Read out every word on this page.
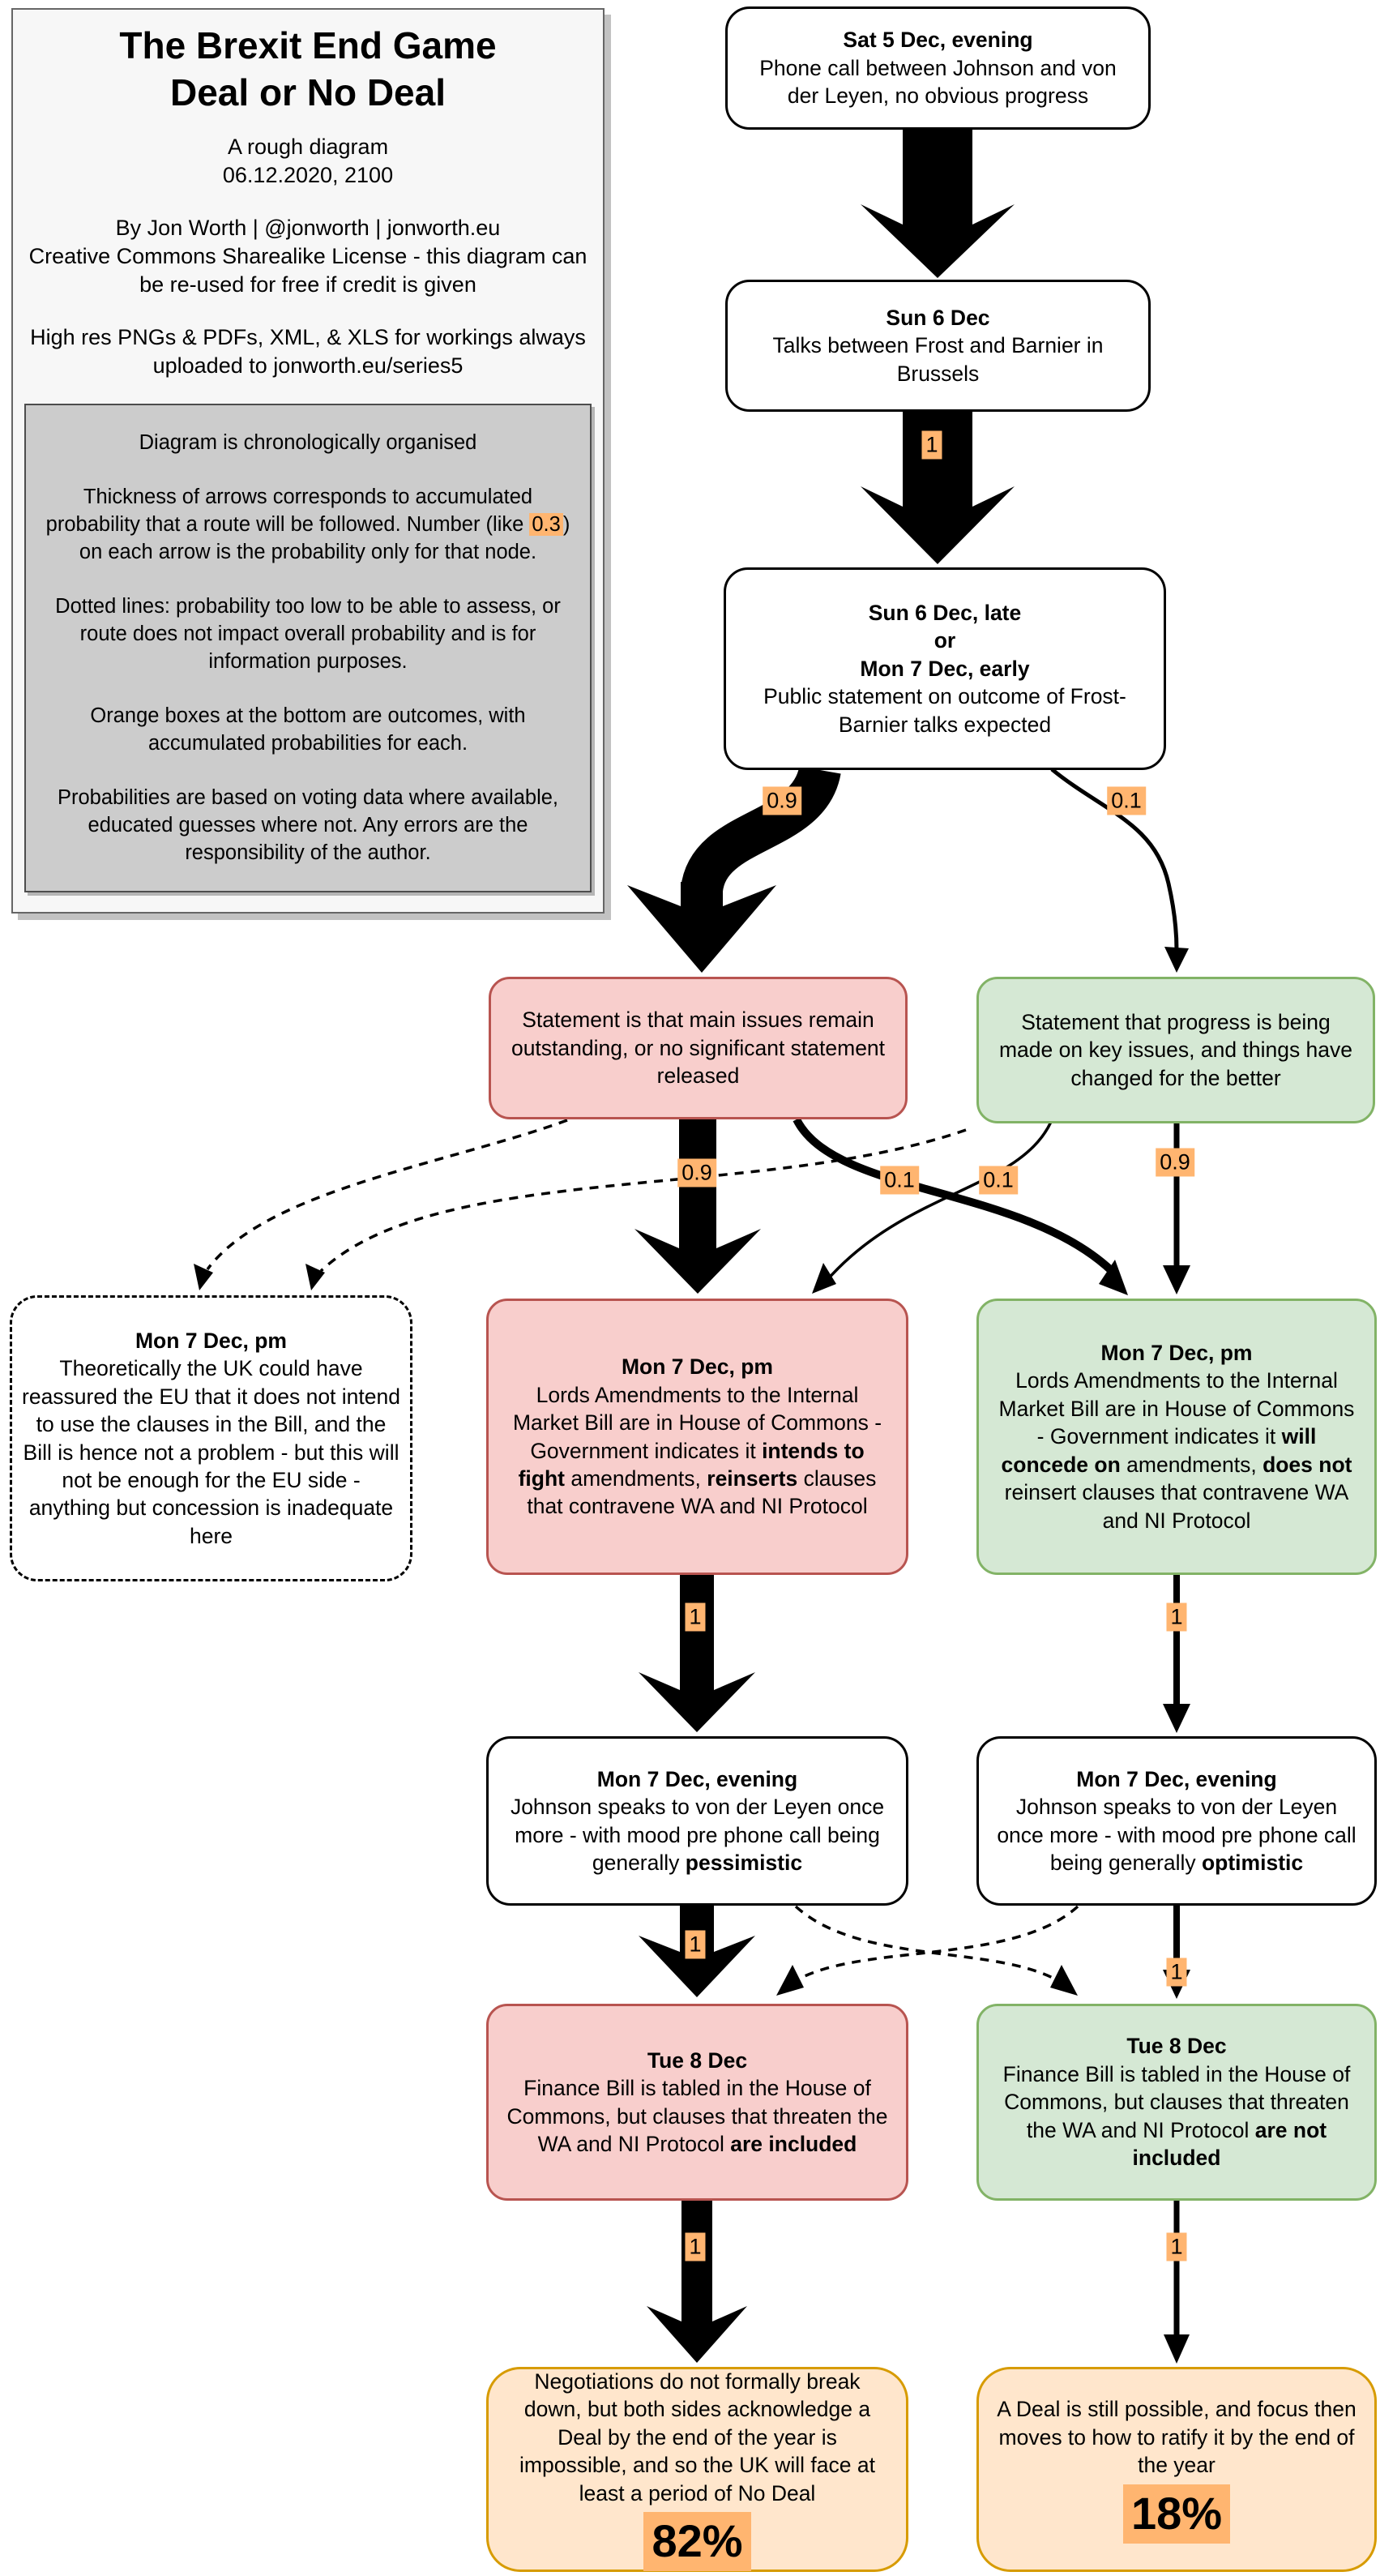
The Brexit End Game
Deal or No Deal
A rough diagram
06.12.2020, 2100
By Jon Worth | @jonworth | jonworth.eu
Creative Commons Sharealike License - this diagram can be re-used for free if credit is given
High res PNGs & PDFs, XML, & XLS for workings always uploaded to jonworth.eu/series5

Diagram is chronologically organised

Thickness of arrows corresponds to accumulated probability that a route will be followed. Number (like 0.3 ) on each arrow is the probability only for that node.

Dotted lines: probability too low to be able to assess, or route does not impact overall probability and is for information purposes.

Orange boxes at the bottom are outcomes, with accumulated probabilities for each.

Probabilities are based on voting data where available, educated guesses where not. Any errors are the responsibility of the author.

Sat 5 Dec, evening
Phone call between Johnson and von der Leyen, no obvious progress
Sun 6 Dec
Talks between Frost and Barnier in Brussels
Sun 6 Dec, late
or
Mon 7 Dec, early
Public statement on outcome of Frost-Barnier talks expected
Statement is that main issues remain outstanding, or no significant statement released
Statement that progress is being made on key issues, and things have changed for the better
Mon 7 Dec, pm
Lords Amendments to the Internal Market Bill are in House of Commons - Government indicates it intends to fight amendments, reinserts clauses that contravene WA and NI Protocol
Mon 7 Dec, pm
Lords Amendments to the Internal Market Bill are in House of Commons - Government indicates it will concede on amendments, does not reinsert clauses that contravene WA and NI Protocol
Mon 7 Dec, pm
Theoretically the UK could have reassured the EU that it does not intend to use the clauses in the Bill, and the Bill is hence not a problem - but this will not be enough for the EU side - anything but concession is inadequate here
Mon 7 Dec, evening
Johnson speaks to von der Leyen once more - with mood pre phone call being generally pessimistic
Mon 7 Dec, evening
Johnson speaks to von der Leyen once more - with mood pre phone call being generally optimistic
Tue 8 Dec
Finance Bill is tabled in the House of Commons, but clauses that threaten the WA and NI Protocol are included
Tue 8 Dec
Finance Bill is tabled in the House of Commons, but clauses that threaten the WA and NI Protocol are not included
Negotiations do not formally break down, but both sides acknowledge a Deal by the end of the year is impossible, and so the UK will face at least a period of No Deal
82%
A Deal is still possible, and focus then moves to how to ratify it by the end of the year
18%
1
0.9	0.1
0.9	0.1	0.1
0.9
1	1
1
1
1	1
